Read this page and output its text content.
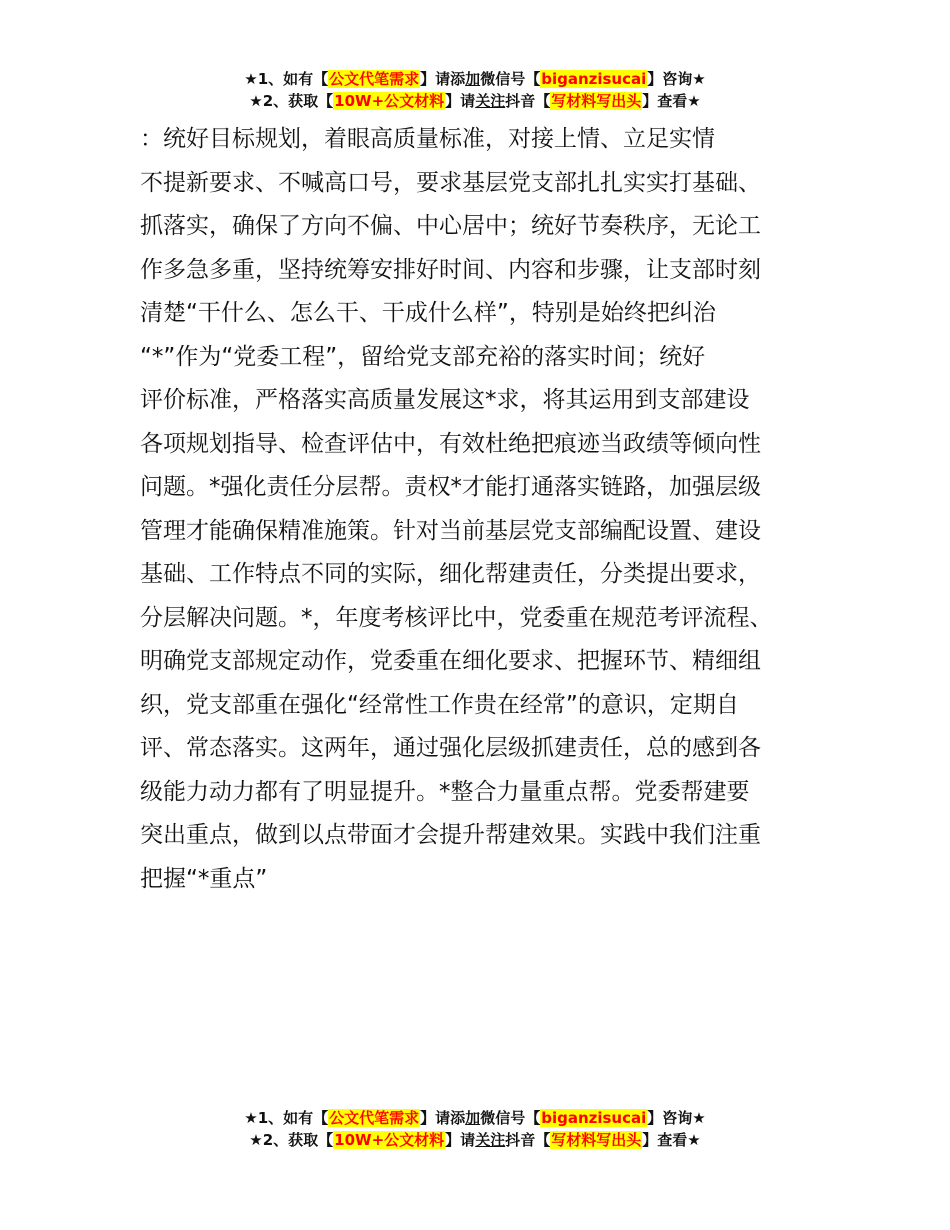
★1、如有【公文代笔需求】请添加微信号【biganzisucai】咨询★
★2、获取【10W+公文材料】请关注抖音【写材料写出头】查看★
：统好目标规划，着眼高质量标准，对接上情、立足实情
不提新要求、不喊高口号，要求基层党支部扎扎实实打基础、
抓落实，确保了方向不偏、中心居中；统好节奏秩序，无论工
作多急多重，坚持统筹安排好时间、内容和步骤，让支部时刻
清楚“干什么、怎么干、干成什么样”，特别是始终把纠治
“*”作为“党委工程”，留给党支部充裕的落实时间；统好
评价标准，严格落实高质量发展这*求，将其运用到支部建设
各项规划指导、检查评估中，有效杜绝把痕迹当政绩等倾向性
问题。*强化责任分层帮。责权*才能打通落实链路，加强层级
管理才能确保精准施策。针对当前基层党支部编配设置、建设
基础、工作特点不同的实际，细化帮建责任，分类提出要求，
分层解决问题。*，年度考核评比中，党委重在规范考评流程、
明确党支部规定动作，党委重在细化要求、把握环节、精细组
织，党支部重在强化“经常性工作贵在经常”的意识，定期自
评、常态落实。这两年，通过强化层级抓建责任，总的感到各
级能力动力都有了明显提升。*整合力量重点帮。党委帮建要
突出重点，做到以点带面才会提升帮建效果。实践中我们注重
把握“*重点”
★1、如有【公文代笔需求】请添加微信号【biganzisucai】咨询★
★2、获取【10W+公文材料】请关注抖音【写材料写出头】查看★
